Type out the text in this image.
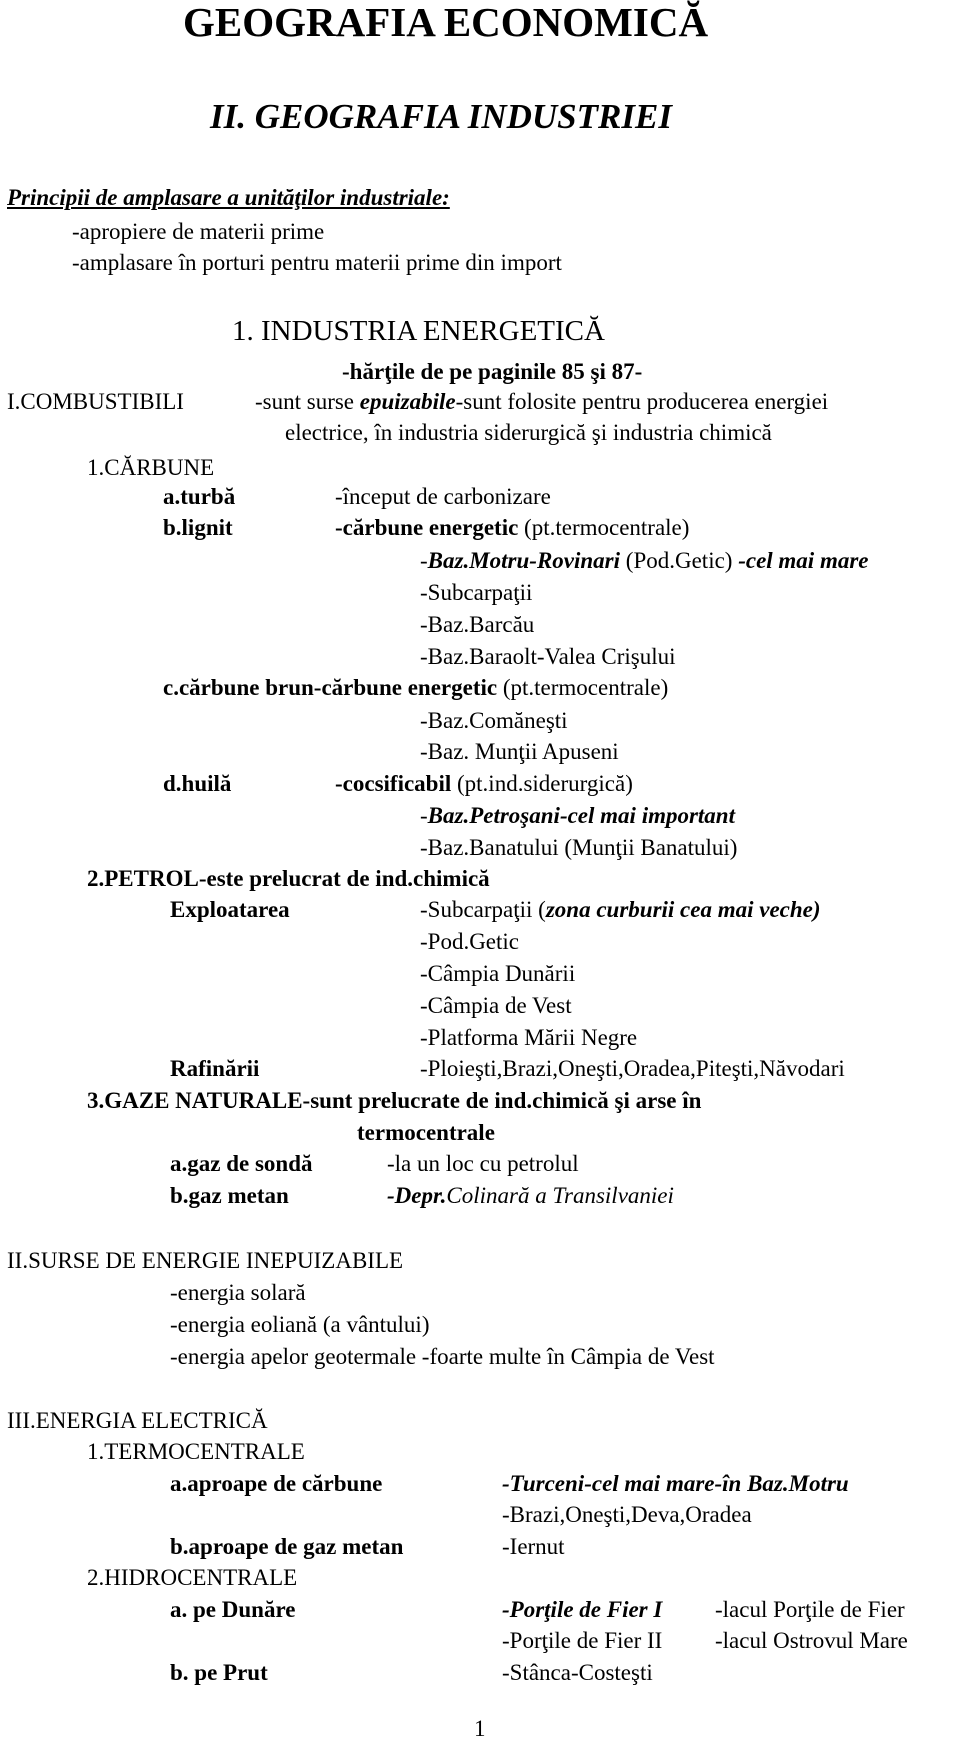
GEOGRAFIA ECONOMICĂ
II. GEOGRAFIA INDUSTRIEI
Principii de amplasare a unităţilor industriale:
-apropiere de materii prime
-amplasare în porturi pentru materii prime din import
1. INDUSTRIA ENERGETICĂ
-hărţile de pe paginile 85 şi 87-
I.COMBUSTIBILI	-sunt surse epuizabile-sunt folosite pentru producerea energiei
electrice, în industria siderurgică şi industria chimică
1.CĂRBUNE
a.turbă	-început de carbonizare
b.lignit	-cărbune energetic (pt.termocentrale)
-Baz.Motru-Rovinari (Pod.Getic) -cel mai mare
-Subcarpaţii
-Baz.Barcău
-Baz.Baraolt-Valea Crişului
c.cărbune brun-cărbune energetic (pt.termocentrale)
-Baz.Comăneşti
-Baz. Munţii Apuseni
d.huilă	-cocsificabil (pt.ind.siderurgică)
-Baz.Petroşani-cel mai important
-Baz.Banatului (Munţii Banatului)
2.PETROL-este prelucrat de ind.chimică
Exploatarea	-Subcarpaţii (zona curburii cea mai veche)
-Pod.Getic
-Câmpia Dunării
-Câmpia de Vest
-Platforma Mării Negre
Rafinării	-Ploieşti,Brazi,Oneşti,Oradea,Piteşti,Năvodari
3.GAZE NATURALE-sunt prelucrate de ind.chimică şi arse în
termocentrale
a.gaz de sondă	-la un loc cu petrolul
b.gaz metan	-Depr.Colinară a Transilvaniei
II.SURSE DE ENERGIE INEPUIZABILE
-energia solară
-energia eoliană (a vântului)
-energia apelor geotermale -foarte multe în Câmpia de Vest
III.ENERGIA ELECTRICĂ
1.TERMOCENTRALE
a.aproape de cărbune	-Turceni-cel mai mare-în Baz.Motru
-Brazi,Oneşti,Deva,Oradea
b.aproape de gaz metan	-Iernut
2.HIDROCENTRALE
a. pe Dunăre	-Porţile de Fier I -lacul Porţile de Fier
-Porţile de Fier II -lacul Ostrovul Mare
b. pe Prut	-Stânca-Costeşti
1
